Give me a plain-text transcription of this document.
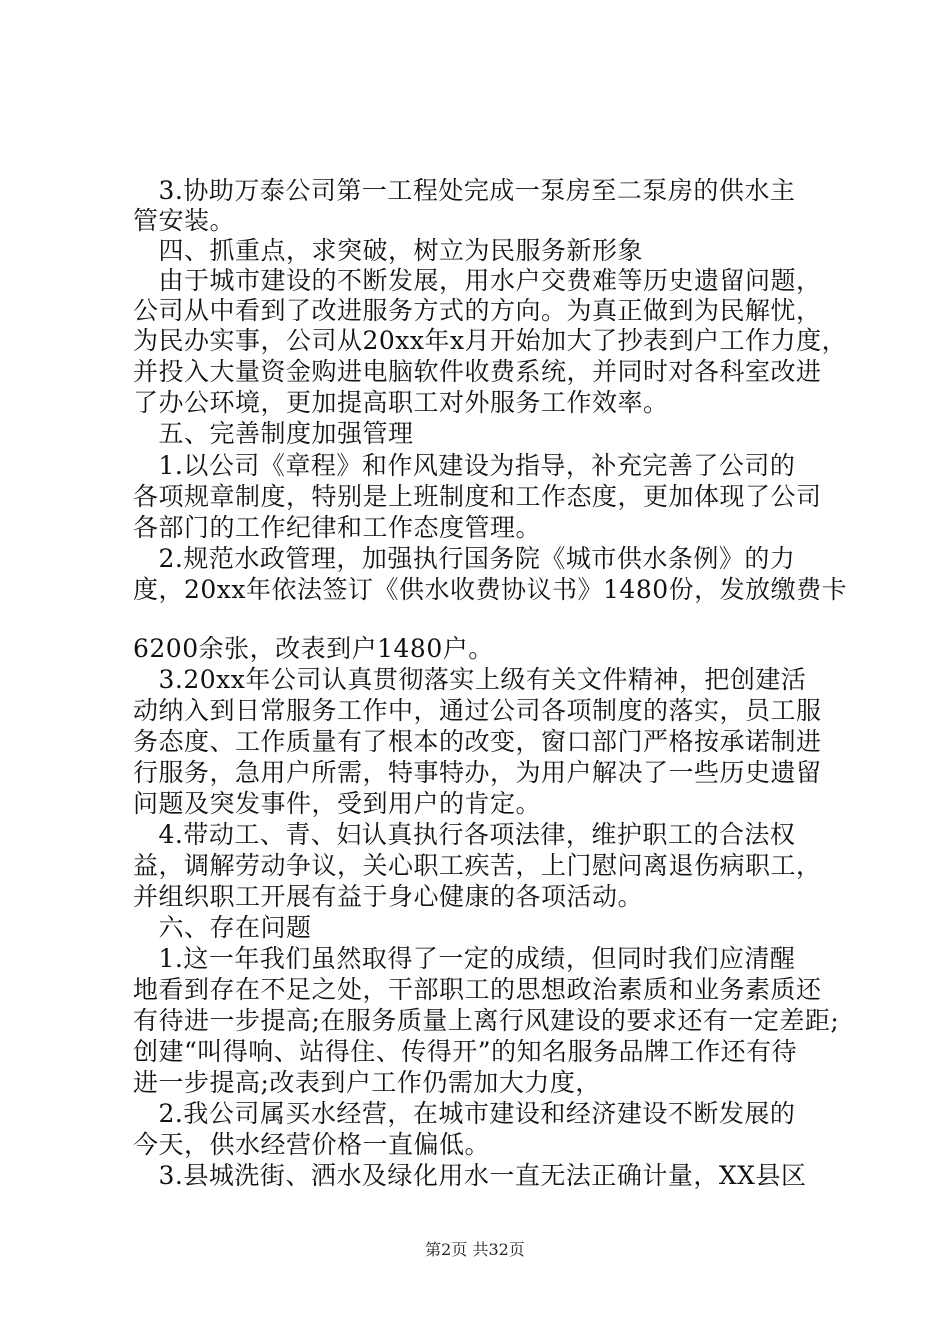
　3.协助万泰公司第一工程处完成一泵房至二泵房的供水主
管安装。
　四、抓重点，求突破，树立为民服务新形象
　由于城市建设的不断发展，用水户交费难等历史遗留问题，
公司从中看到了改进服务方式的方向。为真正做到为民解忧，
为民办实事，公司从20xx年x月开始加大了抄表到户工作力度，
并投入大量资金购进电脑软件收费系统，并同时对各科室改进
了办公环境，更加提高职工对外服务工作效率。
　五、完善制度加强管理
　1.以公司《章程》和作风建设为指导，补充完善了公司的
各项规章制度，特别是上班制度和工作态度，更加体现了公司
各部门的工作纪律和工作态度管理。
　2.规范水政管理，加强执行国务院《城市供水条例》的力
度，20xx年依法签订《供水收费协议书》1480份，发放缴费卡
6200余张，改表到户1480户。
　3.20xx年公司认真贯彻落实上级有关文件精神，把创建活
动纳入到日常服务工作中，通过公司各项制度的落实，员工服
务态度、工作质量有了根本的改变，窗口部门严格按承诺制进
行服务，急用户所需，特事特办，为用户解决了一些历史遗留
问题及突发事件，受到用户的肯定。
　4.带动工、青、妇认真执行各项法律，维护职工的合法权
益，调解劳动争议，关心职工疾苦，上门慰问离退伤病职工，
并组织职工开展有益于身心健康的各项活动。
　六、存在问题
　1.这一年我们虽然取得了一定的成绩，但同时我们应清醒
地看到存在不足之处，干部职工的思想政治素质和业务素质还
有待进一步提高;在服务质量上离行风建设的要求还有一定差距;
创建“叫得响、站得住、传得开”的知名服务品牌工作还有待
进一步提高;改表到户工作仍需加大力度，
　2.我公司属买水经营，在城市建设和经济建设不断发展的
今天，供水经营价格一直偏低。
　3.县城洗街、洒水及绿化用水一直无法正确计量，XX县区
第2页 共32页
